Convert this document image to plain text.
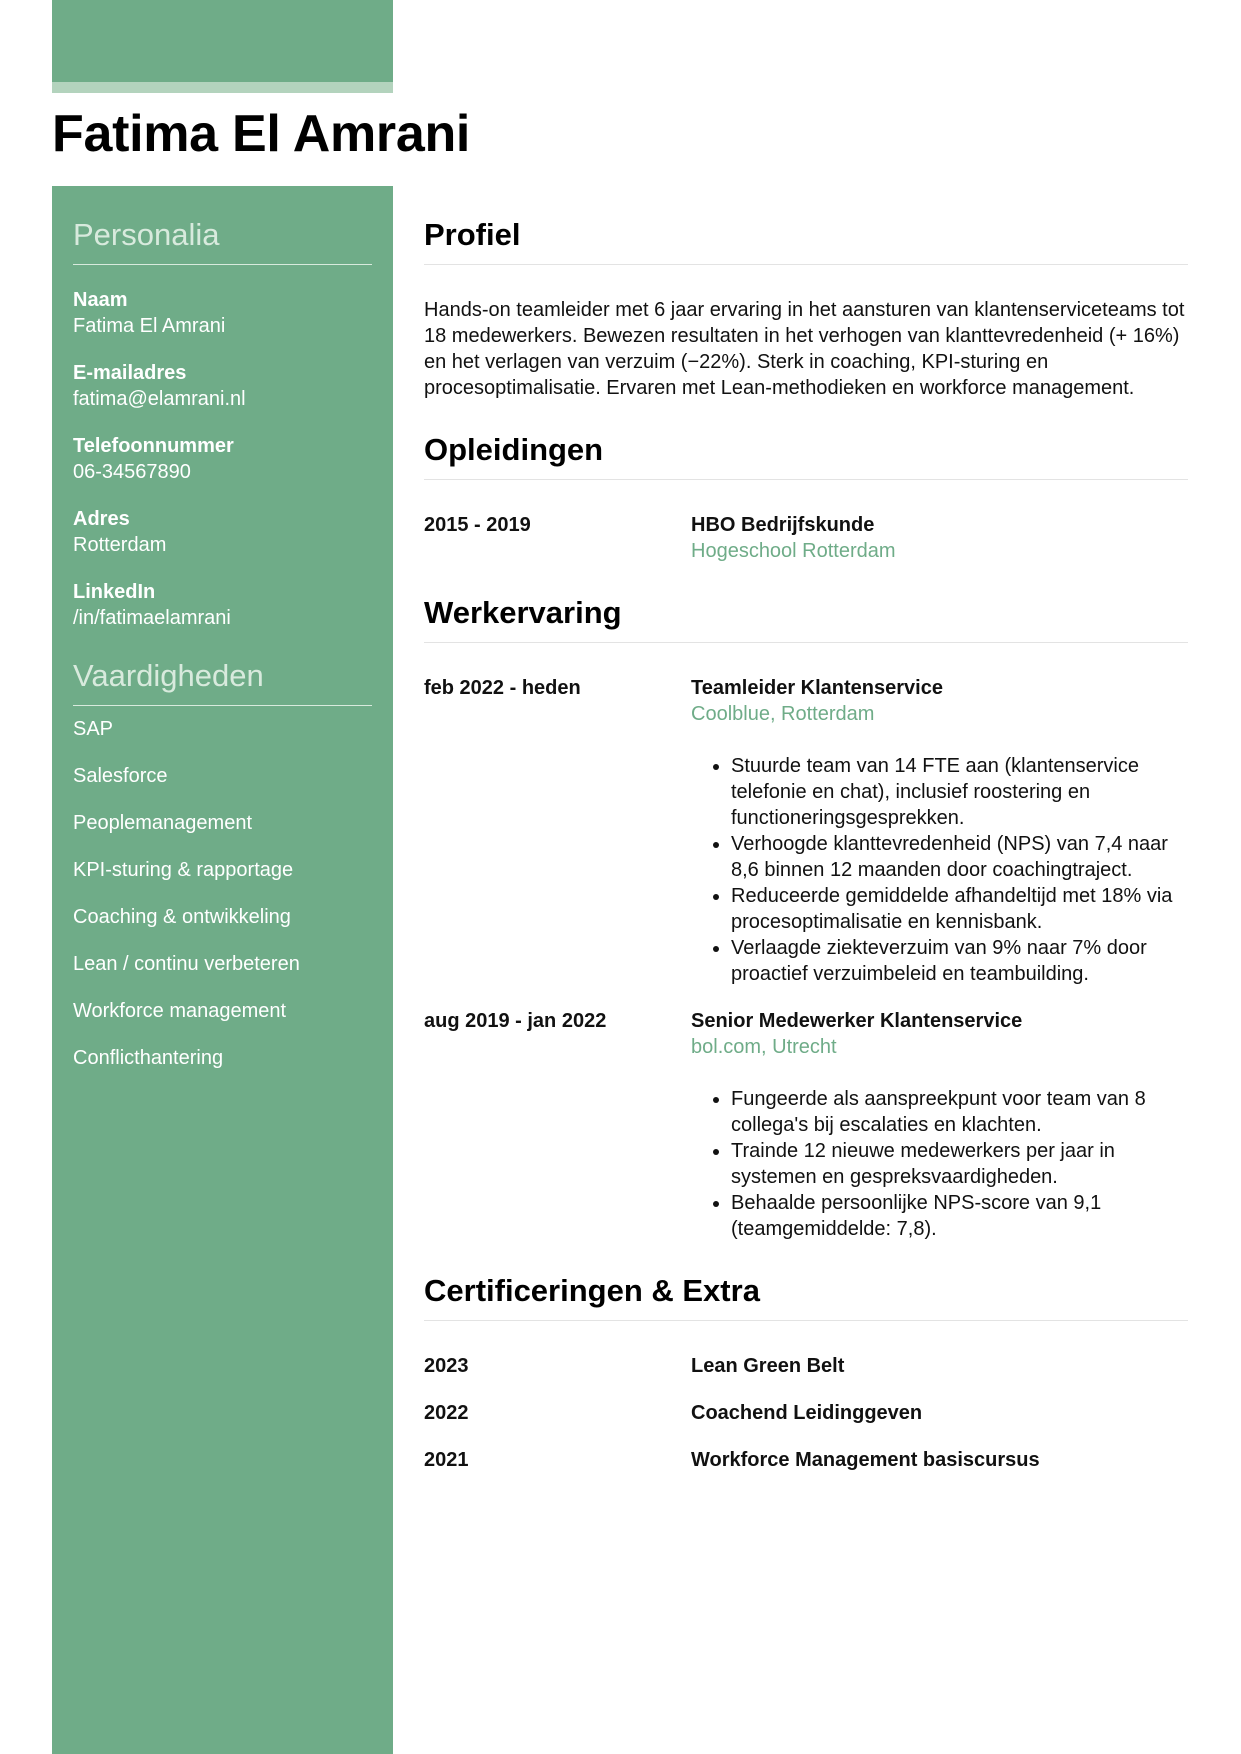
Fatima El Amrani
Personalia
Naam
Fatima El Amrani
E-mailadres
fatima@elamrani.nl
Telefoonnummer
06-34567890
Adres
Rotterdam
LinkedIn
/in/fatimaelamrani
Vaardigheden
SAP
Salesforce
Peoplemanagement
KPI-sturing & rapportage
Coaching & ontwikkeling
Lean / continu verbeteren
Workforce management
Conflicthantering
Profiel

Hands-on teamleider met 6 jaar ervaring in het aansturen van klantenserviceteams tot 18 medewerkers. Bewezen resultaten in het verhogen van klanttevredenheid (+ 16%) en het verlagen van verzuim (−22%). Sterk in coaching, KPI-sturing en procesoptimalisatie. Ervaren met Lean-methodieken en workforce management.

Opleidingen
2015 - 2019	HBO Bedrijfskunde
Hogeschool Rotterdam
Werkervaring
feb 2022 - heden	Teamleider Klantenservice
Coolblue, Rotterdam
• Stuurde team van 14 FTE aan (klantenservice telefonie en chat), inclusief roostering en functioneringsgesprekken.
• Verhoogde klanttevredenheid (NPS) van 7,4 naar 8,6 binnen 12 maanden door coachingtraject.
• Reduceerde gemiddelde afhandeltijd met 18% via procesoptimalisatie en kennisbank.
• Verlaagde ziekteverzuim van 9% naar 7% door proactief verzuimbeleid en teambuilding.
aug 2019 - jan 2022	Senior Medewerker Klantenservice
bol.com, Utrecht
• Fungeerde als aanspreekpunt voor team van 8 collega's bij escalaties en klachten.
• Trainde 12 nieuwe medewerkers per jaar in systemen en gespreksvaardigheden.
• Behaalde persoonlijke NPS-score van 9,1 (teamgemiddelde: 7,8).
Certificeringen & Extra
2023	Lean Green Belt
2022	Coachend Leidinggeven
2021	Workforce Management basiscursus
